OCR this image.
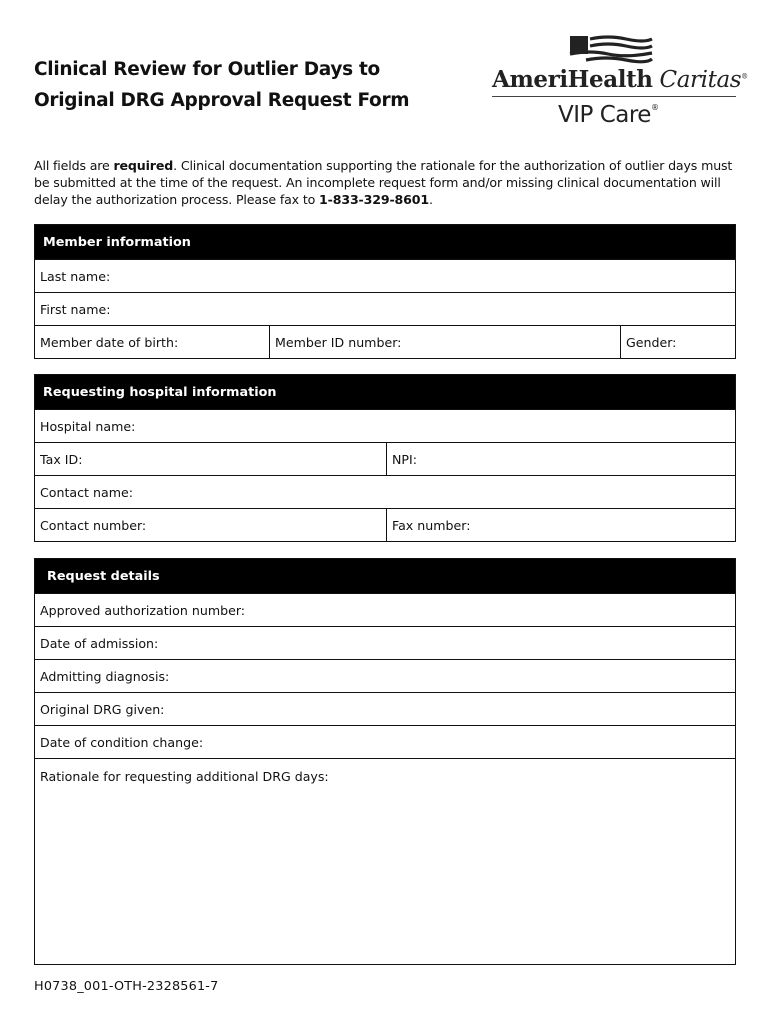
Clinical Review for Outlier Days to
Original DRG Approval Request Form
AmeriHealth Caritas®
VIP Care®
All fields are required. Clinical documentation supporting the rationale for the authorization of outlier days must be submitted at the time of the request. An incomplete request form and/or missing clinical documentation will delay the authorization process. Please fax to 1-833-329-8601.
Member information
Last name:
First name:
Member date of birth:	Member ID number:	Gender:
Requesting hospital information
Hospital name:
Tax ID:	NPI:
Contact name:
Contact number:	Fax number:
Request details
Approved authorization number:
Date of admission:
Admitting diagnosis:
Original DRG given:
Date of condition change:
Rationale for requesting additional DRG days:
H0738_001-OTH-2328561-7
